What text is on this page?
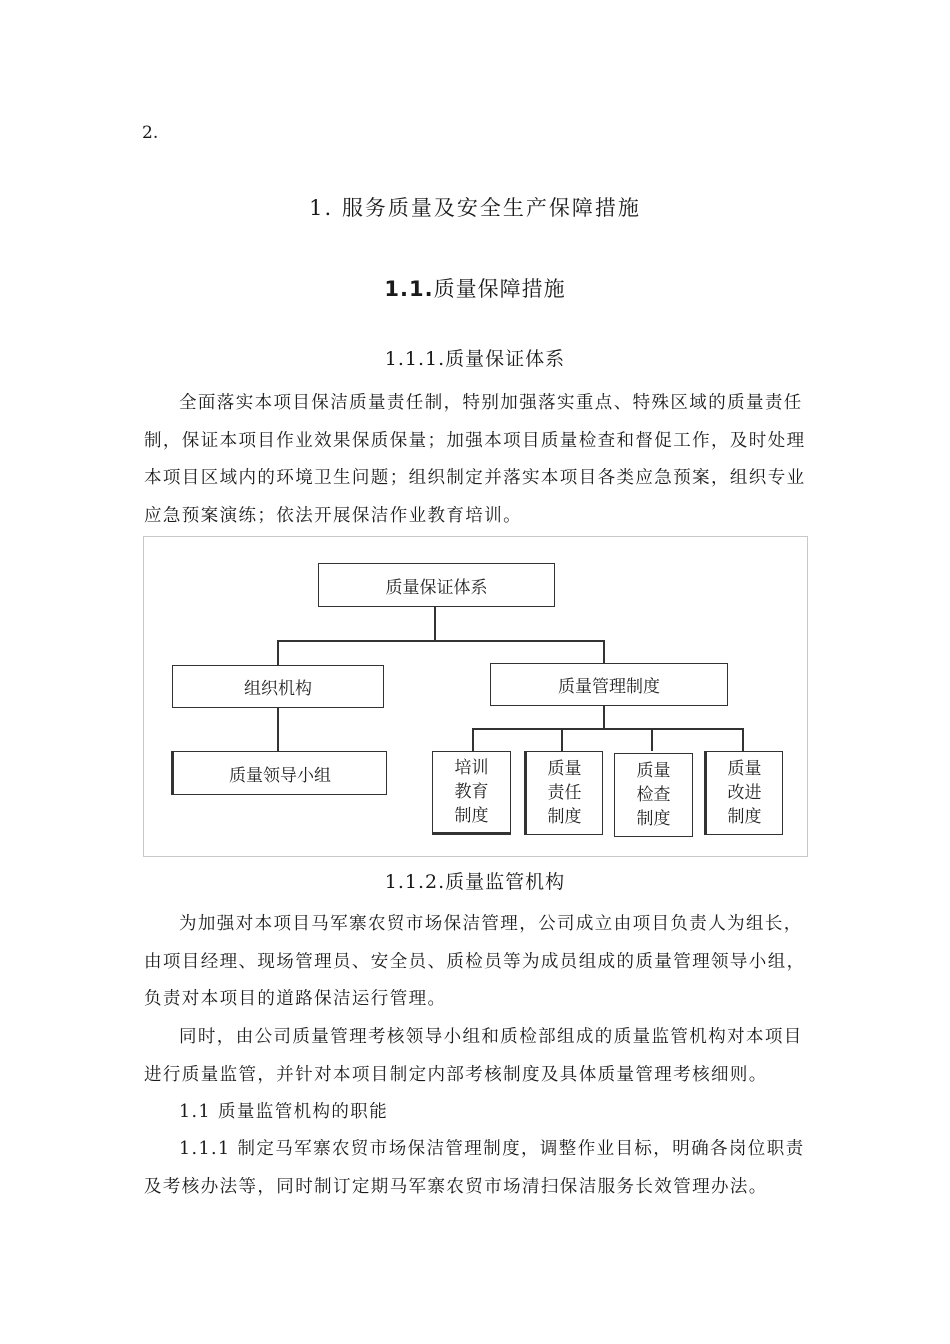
2.
1. 服务质量及安全生产保障措施
1.1.质量保障措施
1.1.1.质量保证体系

全面落实本项目保洁质量责任制，特别加强落实重点、特殊区域的质量责任制，保证本项目作业效果保质保量；加强本项目质量检查和督促工作，及时处理本项目区域内的环境卫生问题；组织制定并落实本项目各类应急预案，组织专业应急预案演练；依法开展保洁作业教育培训。

质量保证体系
组织机构
质量领导小组
质量管理制度
培训
教育
制度
质量
责任
制度
质量
检查
制度
质量
改进
制度
1.1.2.质量监管机构

为加强对本项目马军寨农贸市场保洁管理，公司成立由项目负责人为组长，由项目经理、现场管理员、安全员、质检员等为成员组成的质量管理领导小组，负责对本项目的道路保洁运行管理。

同时，由公司质量管理考核领导小组和质检部组成的质量监管机构对本项目进行质量监管，并针对本项目制定内部考核制度及具体质量管理考核细则。

1.1 质量监管机构的职能

1.1.1 制定马军寨农贸市场保洁管理制度，调整作业目标，明确各岗位职责及考核办法等，同时制订定期马军寨农贸市场清扫保洁服务长效管理办法。
